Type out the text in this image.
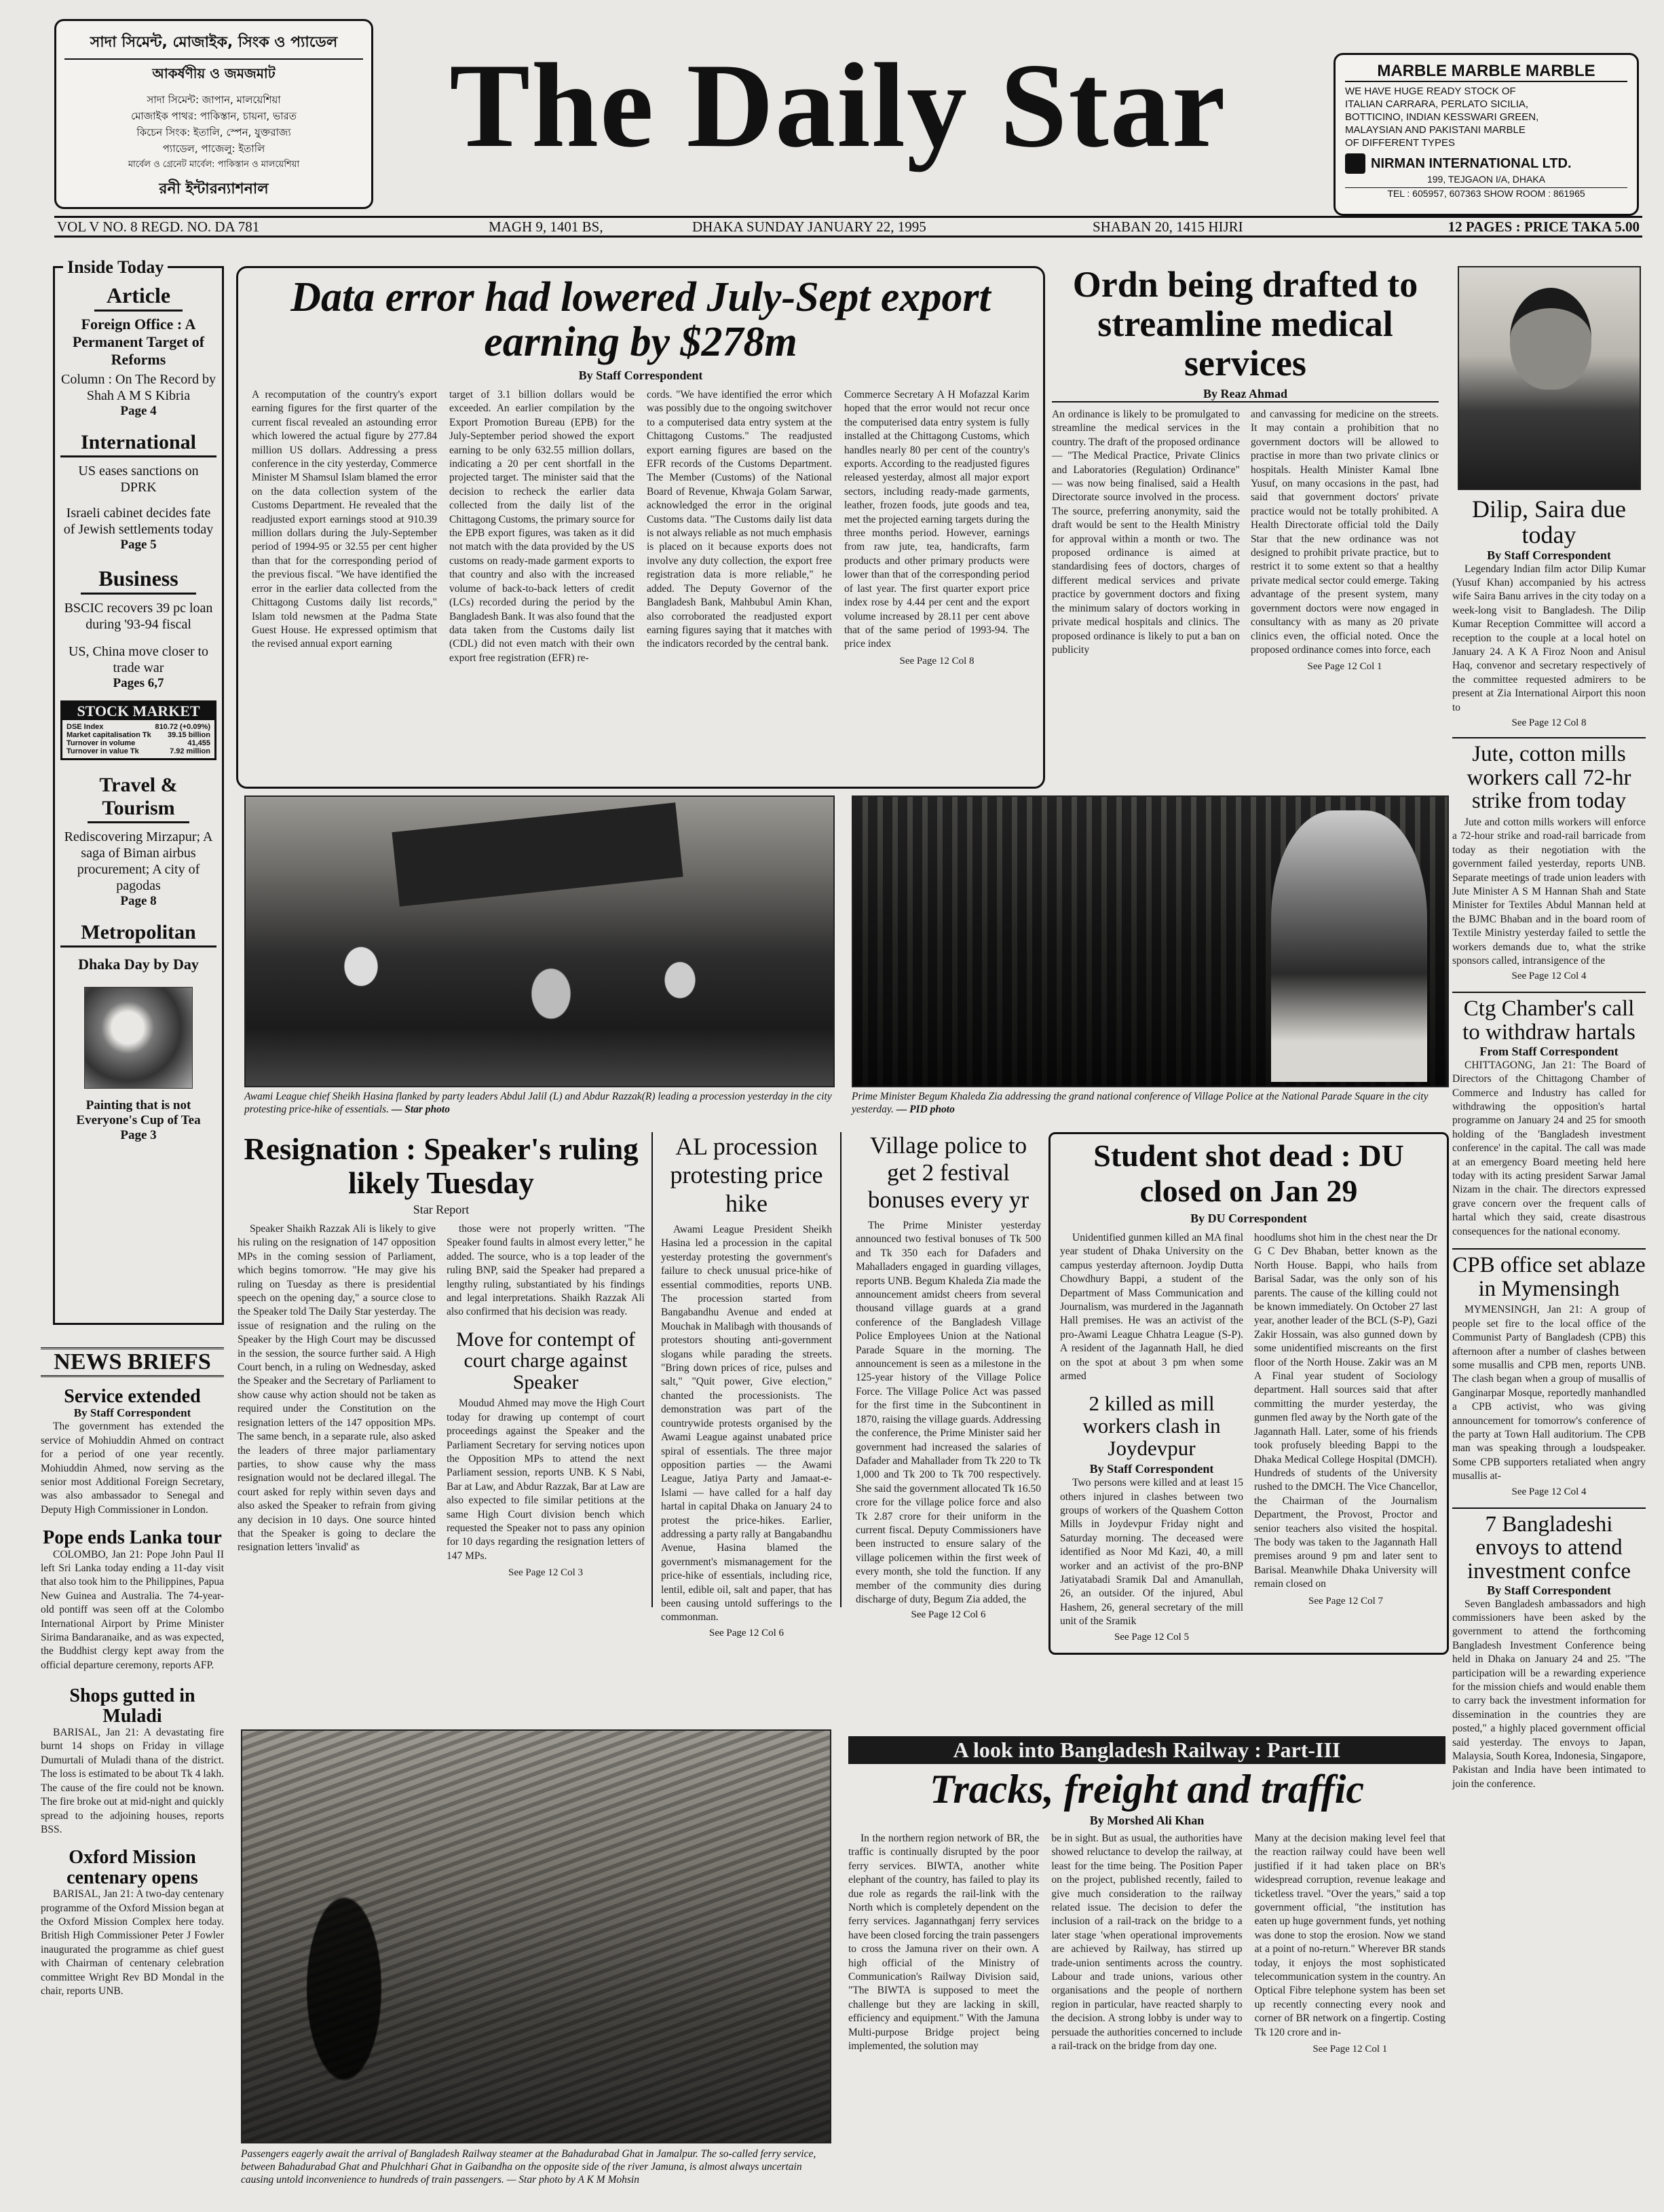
সাদা সিমেন্ট, মোজাইক, সিংক ও প্যাডেল
আকর্ষণীয় ও জমজমাট
সাদা সিমেন্ট: জাপান, মালয়েশিয়া
মোজাইক পাথর: পাকিস্তান, চায়না, ভারত
কিচেন সিংক: ইতালি, স্পেন, যুক্তরাজ্য
প্যাডেল, পাজেলু: ইতালি
মার্বেল ও গ্রেনেট মার্বেল: পাকিস্তান ও মালয়েশিয়া
রনী ইন্টারন্যাশনাল
The Daily Star	MARBLE MARBLE MARBLE
WE HAVE HUGE READY STOCK OF
ITALIAN CARRARA, PERLATO SICILIA,
BOTTICINO, INDIAN KESSWARI GREEN,
MALAYSIAN AND PAKISTANI MARBLE
OF DIFFERENT TYPES
NIRMAN INTERNATIONAL LTD.
199, TEJGAON I/A, DHAKA
TEL : 605957, 607363 SHOW ROOM : 861965
VOL V NO. 8 REGD. NO. DA 781	MAGH 9, 1401 BS,	DHAKA SUNDAY JANUARY 22, 1995	SHABAN 20, 1415 HIJRI	12 PAGES : PRICE TAKA 5.00
Inside Today
Article
Foreign Office : A Permanent Target of Reforms
Column : On The Record by Shah A M S Kibria
Page 4
International
US eases sanctions on DPRK
Israeli cabinet decides fate of Jewish settlements today
Page 5
Business
BSCIC recovers 39 pc loan during '93-94 fiscal
US, China move closer to trade war
Pages 6,7
STOCK MARKET
DSE Index	810.72 (+0.09%)
Market capitalisation Tk 39.15 billion
Turnover in volume	41,455
Turnover in value Tk	7.92 million
Travel & Tourism
Rediscovering Mirzapur; A saga of Biman airbus procurement; A city of pagodas
Page 8
Metropolitan
Dhaka Day by Day
Painting that is not Everyone's Cup of Tea
Page 3
NEWS BRIEFS
Service extended
By Staff Correspondent
The government has extended the service of Mohiuddin Ahmed on contract for a period of one year recently. Mohiuddin Ahmed, now serving as the senior most Additional Foreign Secretary, was also ambassador to Senegal and Deputy High Commissioner in London.
Pope ends Lanka tour
COLOMBO, Jan 21: Pope John Paul II left Sri Lanka today ending a 11-day visit that also took him to the Philippines, Papua New Guinea and Australia. The 74-year-old pontiff was seen off at the Colombo International Airport by Prime Minister Sirima Bandaranaike, and as was expected, the Buddhist clergy kept away from the official departure ceremony, reports AFP.
Shops gutted in Muladi
BARISAL, Jan 21: A devastating fire burnt 14 shops on Friday in village Dumurtali of Muladi thana of the district. The loss is estimated to be about Tk 4 lakh. The cause of the fire could not be known. The fire broke out at mid-night and quickly spread to the adjoining houses, reports BSS.
Oxford Mission centenary opens
BARISAL, Jan 21: A two-day centenary programme of the Oxford Mission began at the Oxford Mission Complex here today. British High Commissioner Peter J Fowler inaugurated the programme as chief guest with Chairman of centenary celebration committee Wright Rev BD Mondal in the chair, reports UNB.
Data error had lowered July-Sept export earning by $278m
By Staff Correspondent
A recomputation of the country's export earning figures for the first quarter of the current fiscal revealed an astounding error which lowered the actual figure by 277.84 million US dollars. Addressing a press conference in the city yesterday, Commerce Minister M Shamsul Islam blamed the error on the data collection system of the Customs Department. He revealed that the readjusted export earnings stood at 910.39 million dollars during the July-September period of 1994-95 or 32.55 per cent higher than that for the corresponding period of the previous fiscal. "We have identified the error in the earlier data collected from the Chittagong Customs daily list records," Islam told newsmen at the Padma State Guest House. He expressed optimism that the revised annual export earning
target of 3.1 billion dollars would be exceeded. An earlier compilation by the Export Promotion Bureau (EPB) for the July-September period showed the export earning to be only 632.55 million dollars, indicating a 20 per cent shortfall in the projected target. The minister said that the decision to recheck the earlier data collected from the daily list of the Chittagong Customs, the primary source for the EPB export figures, was taken as it did not match with the data provided by the US customs on ready-made garment exports to that country and also with the increased volume of back-to-back letters of credit (LCs) recorded during the period by the Bangladesh Bank. It was also found that the data taken from the Customs daily list (CDL) did not even match with their own export free registration (EFR) re-
cords. "We have identified the error which was possibly due to the ongoing switchover to a computerised data entry system at the Chittagong Customs." The readjusted export earning figures are based on the EFR records of the Customs Department. The Member (Customs) of the National Board of Revenue, Khwaja Golam Sarwar, acknowledged the error in the original Customs data. "The Customs daily list data is not always reliable as not much emphasis is placed on it because exports does not involve any duty collection, the export free registration data is more reliable," he added. The Deputy Governor of the Bangladesh Bank, Mahbubul Amin Khan, also corroborated the readjusted export earning figures saying that it matches with the indicators recorded by the central bank.
Commerce Secretary A H Mofazzal Karim hoped that the error would not recur once the computerised data entry system is fully installed at the Chittagong Customs, which handles nearly 80 per cent of the country's exports. According to the readjusted figures released yesterday, almost all major export sectors, including ready-made garments, leather, frozen foods, jute goods and tea, met the projected earning targets during the three months period. However, earnings from raw jute, tea, handicrafts, farm products and other primary products were lower than that of the corresponding period of last year. The first quarter export price index rose by 4.44 per cent and the export volume increased by 28.11 per cent above that of the same period of 1993-94. The price index
See Page 12 Col 8
Ordn being drafted to streamline medical services
By Reaz Ahmad
An ordinance is likely to be promulgated to streamline the medical services in the country. The draft of the proposed ordinance — "The Medical Practice, Private Clinics and Laboratories (Regulation) Ordinance" — was now being finalised, said a Health Directorate source involved in the process. The source, preferring anonymity, said the draft would be sent to the Health Ministry for approval within a month or two. The proposed ordinance is aimed at standardising fees of doctors, charges of different medical services and private practice by government doctors and fixing the minimum salary of doctors working in private medical hospitals and clinics. The proposed ordinance is likely to put a ban on publicity
and canvassing for medicine on the streets. It may contain a prohibition that no government doctors will be allowed to practise in more than two private clinics or hospitals. Health Minister Kamal Ibne Yusuf, on many occasions in the past, had said that government doctors' private practice would not be totally prohibited. A Health Directorate official told the Daily Star that the new ordinance was not designed to prohibit private practice, but to restrict it to some extent so that a healthy private medical sector could emerge. Taking advantage of the present system, many government doctors were now engaged in consultancy with as many as 20 private clinics even, the official noted. Once the proposed ordinance comes into force, each
See Page 12 Col 1
Dilip, Saira due today
By Staff Correspondent
Legendary Indian film actor Dilip Kumar (Yusuf Khan) accompanied by his actress wife Saira Banu arrives in the city today on a week-long visit to Bangladesh. The Dilip Kumar Reception Committee will accord a reception to the couple at a local hotel on January 24. A K A Firoz Noon and Anisul Haq, convenor and secretary respectively of the committee requested admirers to be present at Zia International Airport this noon to
See Page 12 Col 8
Jute, cotton mills workers call 72-hr strike from today
Jute and cotton mills workers will enforce a 72-hour strike and road-rail barricade from today as their negotiation with the government failed yesterday, reports UNB. Separate meetings of trade union leaders with Jute Minister A S M Hannan Shah and State Minister for Textiles Abdul Mannan held at the BJMC Bhaban and in the board room of Textile Ministry yesterday failed to settle the workers demands due to, what the strike sponsors called, intransigence of the
See Page 12 Col 4
Ctg Chamber's call to withdraw hartals
From Staff Correspondent
CHITTAGONG, Jan 21: The Board of Directors of the Chittagong Chamber of Commerce and Industry has called for withdrawing the opposition's hartal programme on January 24 and 25 for smooth holding of the 'Bangladesh investment conference' in the capital. The call was made at an emergency Board meeting held here today with its acting president Sarwar Jamal Nizam in the chair. The directors expressed grave concern over the frequent calls of hartal which they said, create disastrous consequences for the national economy.
CPB office set ablaze in Mymensingh
MYMENSINGH, Jan 21: A group of people set fire to the local office of the Communist Party of Bangladesh (CPB) this afternoon after a number of clashes between some musallis and CPB men, reports UNB. The clash began when a group of musallis of Ganginarpar Mosque, reportedly manhandled a CPB activist, who was giving announcement for tomorrow's conference of the party at Town Hall auditorium. The CPB man was speaking through a loudspeaker. Some CPB supporters retaliated when angry musallis at-
See Page 12 Col 4
7 Bangladeshi envoys to attend investment confce
By Staff Correspondent
Seven Bangladesh ambassadors and high commissioners have been asked by the government to attend the forthcoming Bangladesh Investment Conference being held in Dhaka on January 24 and 25. "The participation will be a rewarding experience for the mission chiefs and would enable them to carry back the investment information for dissemination in the countries they are posted," a highly placed government official said yesterday. The envoys to Japan, Malaysia, South Korea, Indonesia, Singapore, Pakistan and India have been intimated to join the conference.
Awami League chief Sheikh Hasina flanked by party leaders Abdul Jalil (L) and Abdur Razzak(R) leading a procession yesterday in the city protesting price-hike of essentials. — Star photo
Prime Minister Begum Khaleda Zia addressing the grand national conference of Village Police at the National Parade Square in the city yesterday. — PID photo
Resignation : Speaker's ruling likely Tuesday
Star Report
Speaker Shaikh Razzak Ali is likely to give his ruling on the resignation of 147 opposition MPs in the coming session of Parliament, which begins tomorrow. "He may give his ruling on Tuesday as there is presidential speech on the opening day," a source close to the Speaker told The Daily Star yesterday. The issue of resignation and the ruling on the Speaker by the High Court may be discussed in the session, the source further said. A High Court bench, in a ruling on Wednesday, asked the Speaker and the Secretary of Parliament to show cause why action should not be taken as required under the Constitution on the resignation letters of the 147 opposition MPs. The same bench, in a separate rule, also asked the leaders of three major parliamentary parties, to show cause why the mass resignation would not be declared illegal. The court asked for reply within seven days and also asked the Speaker to refrain from giving any decision in 10 days. One source hinted that the Speaker is going to declare the resignation letters 'invalid' as
those were not properly written. "The Speaker found faults in almost every letter," he added. The source, who is a top leader of the ruling BNP, said the Speaker had prepared a lengthy ruling, substantiated by his findings and legal interpretations. Shaikh Razzak Ali also confirmed that his decision was ready.
Move for contempt of court charge against Speaker
Moudud Ahmed may move the High Court today for drawing up contempt of court proceedings against the Speaker and the Parliament Secretary for serving notices upon the Opposition MPs to attend the next Parliament session, reports UNB. K S Nabi, Bar at Law, and Abdur Razzak, Bar at Law are also expected to file similar petitions at the same High Court division bench which requested the Speaker not to pass any opinion for 10 days regarding the resignation letters of 147 MPs.
See Page 12 Col 3
AL procession protesting price hike
Awami League President Sheikh Hasina led a procession in the capital yesterday protesting the government's failure to check unusual price-hike of essential commodities, reports UNB. The procession started from Bangabandhu Avenue and ended at Mouchak in Malibagh with thousands of protestors shouting anti-government slogans while parading the streets. "Bring down prices of rice, pulses and salt," "Quit power, Give election," chanted the processionists. The demonstration was part of the countrywide protests organised by the Awami League against unabated price spiral of essentials. The three major opposition parties — the Awami League, Jatiya Party and Jamaat-e-Islami — have called for a half day hartal in capital Dhaka on January 24 to protest the price-hikes. Earlier, addressing a party rally at Bangabandhu Avenue, Hasina blamed the government's mismanagement for the price-hike of essentials, including rice, lentil, edible oil, salt and paper, that has been causing untold sufferings to the commonman.
See Page 12 Col 6
Village police to get 2 festival bonuses every yr
The Prime Minister yesterday announced two festival bonuses of Tk 500 and Tk 350 each for Dafaders and Mahalladers engaged in guarding villages, reports UNB. Begum Khaleda Zia made the announcement amidst cheers from several thousand village guards at a grand conference of the Bangladesh Village Police Employees Union at the National Parade Square in the morning. The announcement is seen as a milestone in the 125-year history of the Village Police Force. The Village Police Act was passed for the first time in the Subcontinent in 1870, raising the village guards. Addressing the conference, the Prime Minister said her government had increased the salaries of Dafader and Mahallader from Tk 220 to Tk 1,000 and Tk 200 to Tk 700 respectively. She said the government allocated Tk 16.50 crore for the village police force and also Tk 2.87 crore for their uniform in the current fiscal. Deputy Commissioners have been instructed to ensure salary of the village policemen within the first week of every month, she told the function. If any member of the community dies during discharge of duty, Begum Zia added, the
See Page 12 Col 6
Student shot dead : DU closed on Jan 29
By DU Correspondent
Unidentified gunmen killed an MA final year student of Dhaka University on the campus yesterday afternoon. Joydip Dutta Chowdhury Bappi, a student of the Department of Mass Communication and Journalism, was murdered in the Jagannath Hall premises. He was an activist of the pro-Awami League Chhatra League (S-P). A resident of the Jagannath Hall, he died on the spot at about 3 pm when some armed
2 killed as mill workers clash in Joydevpur
By Staff Correspondent
Two persons were killed and at least 15 others injured in clashes between two groups of workers of the Quashem Cotton Mills in Joydevpur Friday night and Saturday morning. The deceased were identified as Noor Md Kazi, 40, a mill worker and an activist of the pro-BNP Jatiyatabadi Sramik Dal and Amanullah, 26, an outsider. Of the injured, Abul Hashem, 26, general secretary of the mill unit of the Sramik
See Page 12 Col 5
hoodlums shot him in the chest near the Dr G C Dev Bhaban, better known as the North House. Bappi, who hails from Barisal Sadar, was the only son of his parents. The cause of the killing could not be known immediately. On October 27 last year, another leader of the BCL (S-P), Gazi Zakir Hossain, was also gunned down by some unidentified miscreants on the first floor of the North House. Zakir was an M A Final year student of Sociology department. Hall sources said that after committing the murder yesterday, the gunmen fled away by the North gate of the Jagannath Hall. Later, some of his friends took profusely bleeding Bappi to the Dhaka Medical College Hospital (DMCH). Hundreds of students of the University rushed to the DMCH. The Vice Chancellor, the Chairman of the Journalism Department, the Provost, Proctor and senior teachers also visited the hospital. The body was taken to the Jagannath Hall premises around 9 pm and later sent to Barisal. Meanwhile Dhaka University will remain closed on
See Page 12 Col 7
Passengers eagerly await the arrival of Bangladesh Railway steamer at the Bahadurabad Ghat in Jamalpur. The so-called ferry service, between Bahadurabad Ghat and Phulchhari Ghat in Gaibandha on the opposite side of the river Jamuna, is almost always uncertain causing untold inconvenience to hundreds of train passengers. — Star photo by A K M Mohsin
A look into Bangladesh Railway : Part-III
Tracks, freight and traffic
By Morshed Ali Khan
In the northern region network of BR, the traffic is continually disrupted by the poor ferry services. BIWTA, another white elephant of the country, has failed to play its due role as regards the rail-link with the North which is completely dependent on the ferry services. Jagannathganj ferry services have been closed forcing the train passengers to cross the Jamuna river on their own. A high official of the Ministry of Communication's Railway Division said, "The BIWTA is supposed to meet the challenge but they are lacking in skill, efficiency and equipment." With the Jamuna Multi-purpose Bridge project being implemented, the solution may
be in sight. But as usual, the authorities have showed reluctance to develop the railway, at least for the time being. The Position Paper on the project, published recently, failed to give much consideration to the railway related issue. The decision to defer the inclusion of a rail-track on the bridge to a later stage 'when operational improvements are achieved by Railway, has stirred up trade-union sentiments across the country. Labour and trade unions, various other organisations and the people of northern region in particular, have reacted sharply to the decision. A strong lobby is under way to persuade the authorities concerned to include a rail-track on the bridge from day one.
Many at the decision making level feel that the reaction railway could have been well justified if it had taken place on BR's widespread corruption, revenue leakage and ticketless travel. "Over the years," said a top government official, "the institution has eaten up huge government funds, yet nothing was done to stop the erosion. Now we stand at a point of no-return." Wherever BR stands today, it enjoys the most sophisticated telecommunication system in the country. An Optical Fibre telephone system has been set up recently connecting every nook and corner of BR network on a fingertip. Costing Tk 120 crore and in-
See Page 12 Col 1
